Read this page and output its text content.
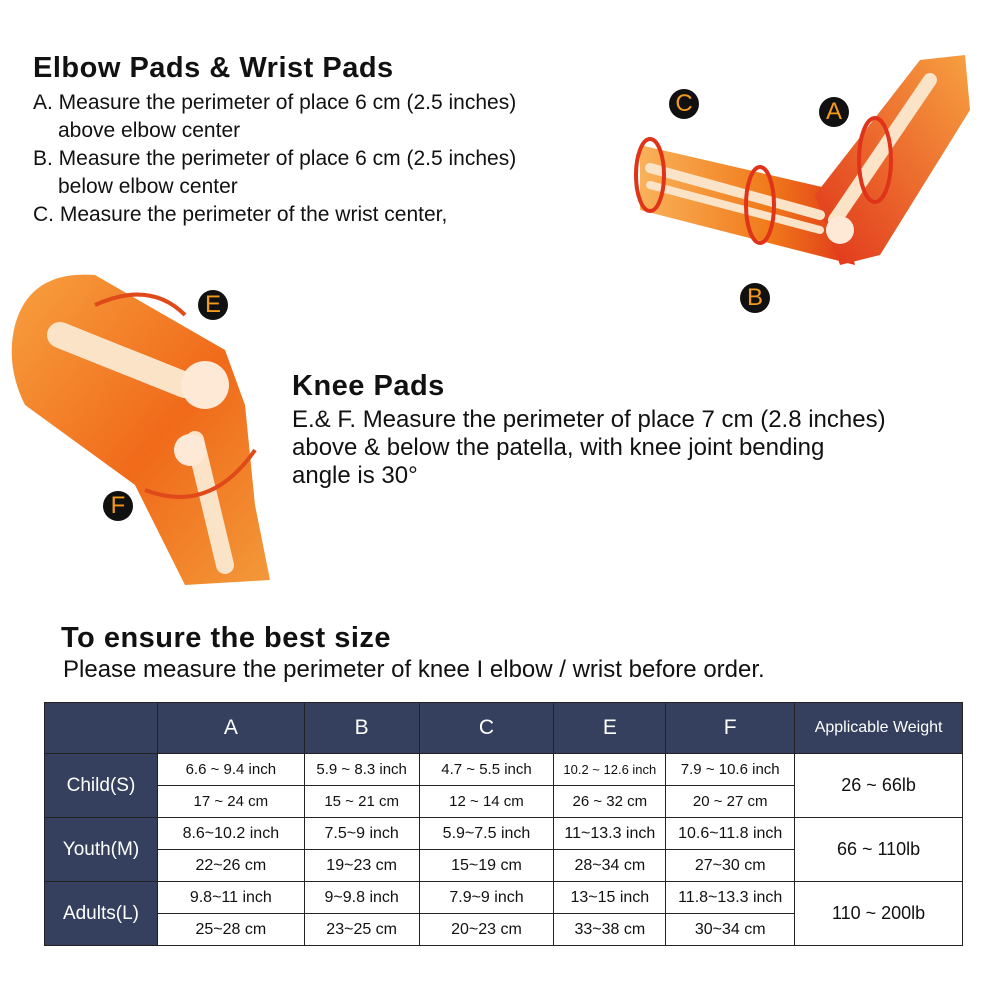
Elbow Pads & Wrist Pads
A. Measure the perimeter of place 6 cm (2.5 inches)
above elbow center
B. Measure the perimeter of place 6 cm (2.5 inches)
below elbow center
C. Measure the perimeter of the wrist center,
C	A
B
E
F
Knee Pads
E.& F. Measure the perimeter of place 7 cm (2.8 inches)
above & below the patella, with knee joint bending
angle is 30°
To ensure the best size
Please measure the perimeter of knee I elbow / wrist before order.
	A	B	C	E	F	Applicable Weight
Child(S)	6.6 ~ 9.4 inch	5.9 ~ 8.3 inch	4.7 ~ 5.5 inch	10.2 ~ 12.6 inch	7.9 ~ 10.6 inch	26 ~ 66lb
	17 ~ 24 cm	15 ~ 21 cm	12 ~ 14 cm	26 ~ 32 cm	20 ~ 27 cm	
Youth(M)	8.6~10.2 inch	7.5~9 inch	5.9~7.5 inch	11~13.3 inch	10.6~11.8 inch	66 ~ 110lb
	22~26 cm	19~23 cm	15~19 cm	28~34 cm	27~30 cm	
Adults(L)	9.8~11 inch	9~9.8 inch	7.9~9 inch	13~15 inch	11.8~13.3 inch	110 ~ 200lb
	25~28 cm	23~25 cm	20~23 cm	33~38 cm	30~34 cm	
